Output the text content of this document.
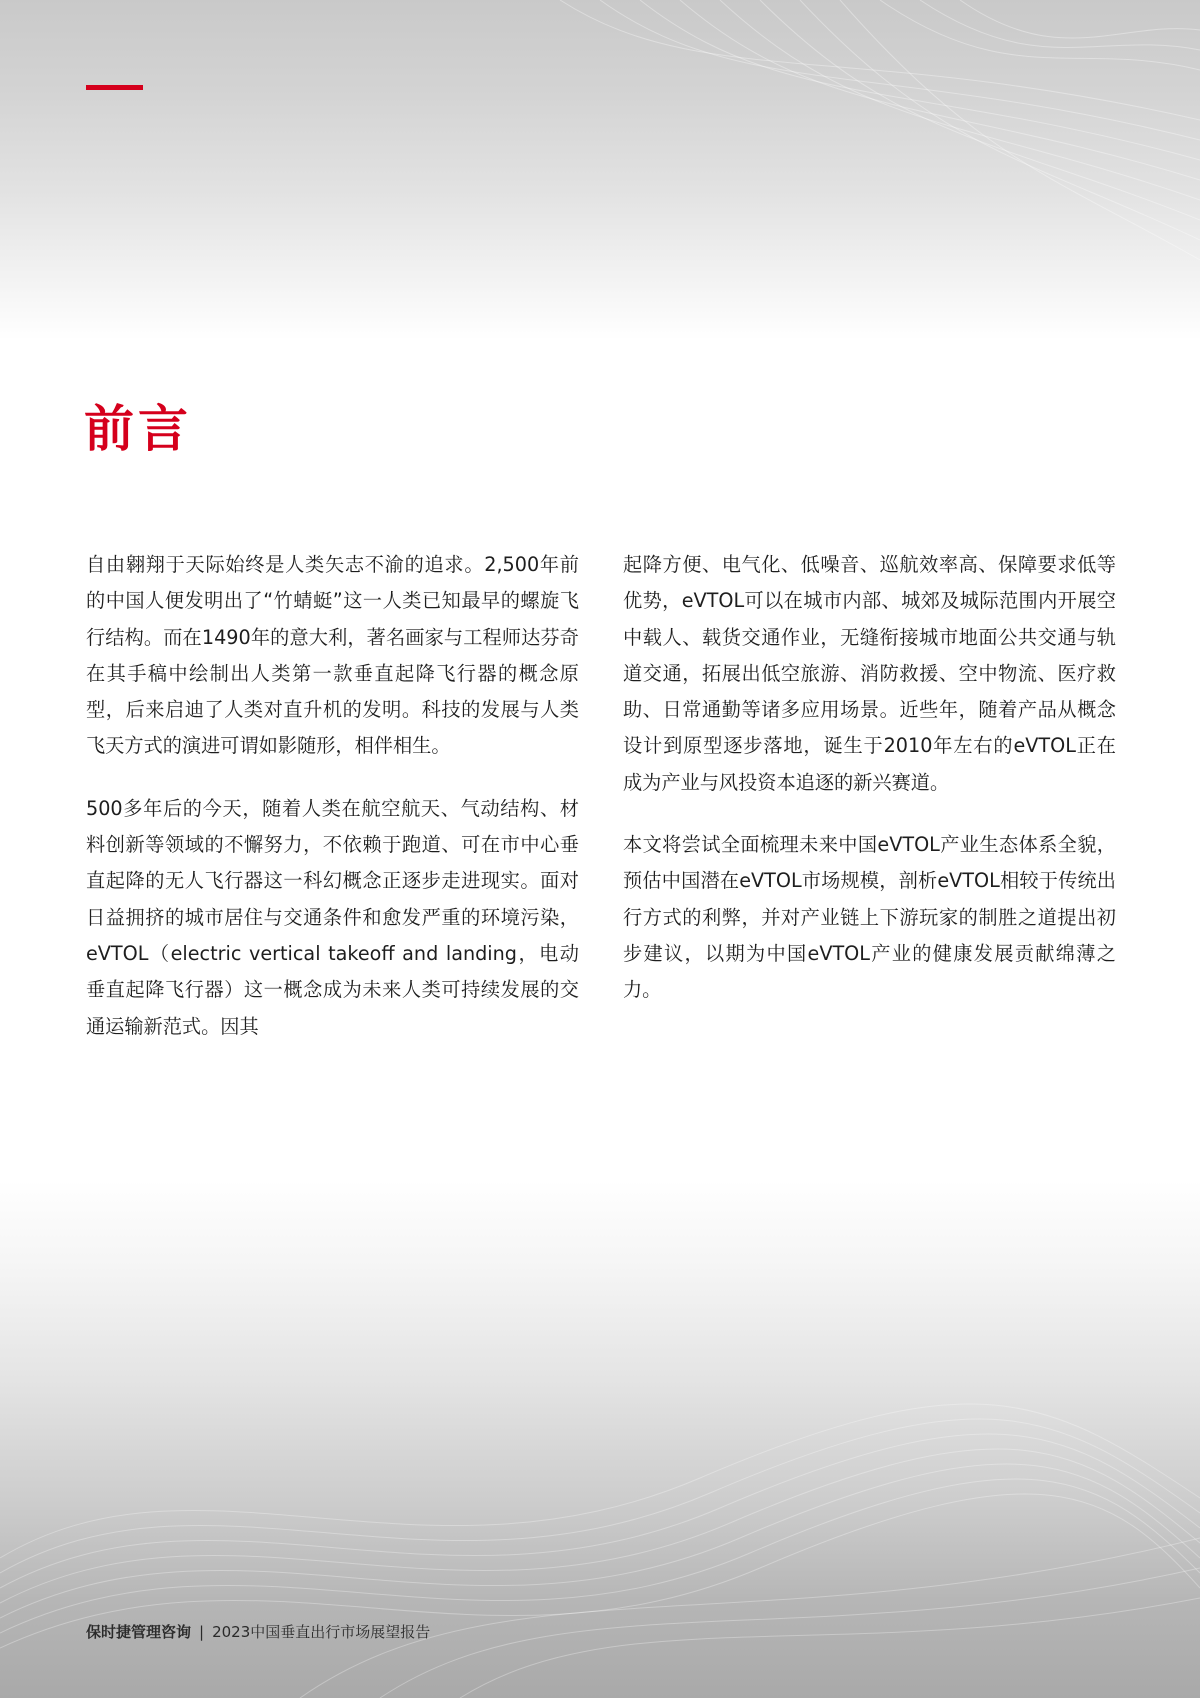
前言

自由翱翔于天际始终是人类矢志不渝的追求。2,500年前的中国人便发明出了“竹蜻蜓”这一人类已知最早的螺旋飞行结构。而在1490年的意大利，著名画家与工程师达芬奇在其手稿中绘制出人类第一款垂直起降飞行器的概念原型，后来启迪了人类对直升机的发明。科技的发展与人类飞天方式的演进可谓如影随形，相伴相生。

500多年后的今天，随着人类在航空航天、气动结构、材料创新等领域的不懈努力，不依赖于跑道、可在市中心垂直起降的无人飞行器这一科幻概念正逐步走进现实。面对日益拥挤的城市居住与交通条件和愈发严重的环境污染，eVTOL（electric vertical takeoff and landing，电动垂直起降飞行器）这一概念成为未来人类可持续发展的交通运输新范式。因其

起降方便、电气化、低噪音、巡航效率高、保障要求低等优势，eVTOL可以在城市内部、城郊及城际范围内开展空中载人、载货交通作业，无缝衔接城市地面公共交通与轨道交通，拓展出低空旅游、消防救援、空中物流、医疗救助、日常通勤等诸多应用场景。近些年，随着产品从概念设计到原型逐步落地，诞生于2010年左右的eVTOL正在成为产业与风投资本追逐的新兴赛道。

本文将尝试全面梳理未来中国eVTOL产业生态体系全貌，预估中国潜在eVTOL市场规模，剖析eVTOL相较于传统出行方式的利弊，并对产业链上下游玩家的制胜之道提出初步建议，以期为中国eVTOL产业的健康发展贡献绵薄之力。

保时捷管理咨询 | 2023中国垂直出行市场展望报告
